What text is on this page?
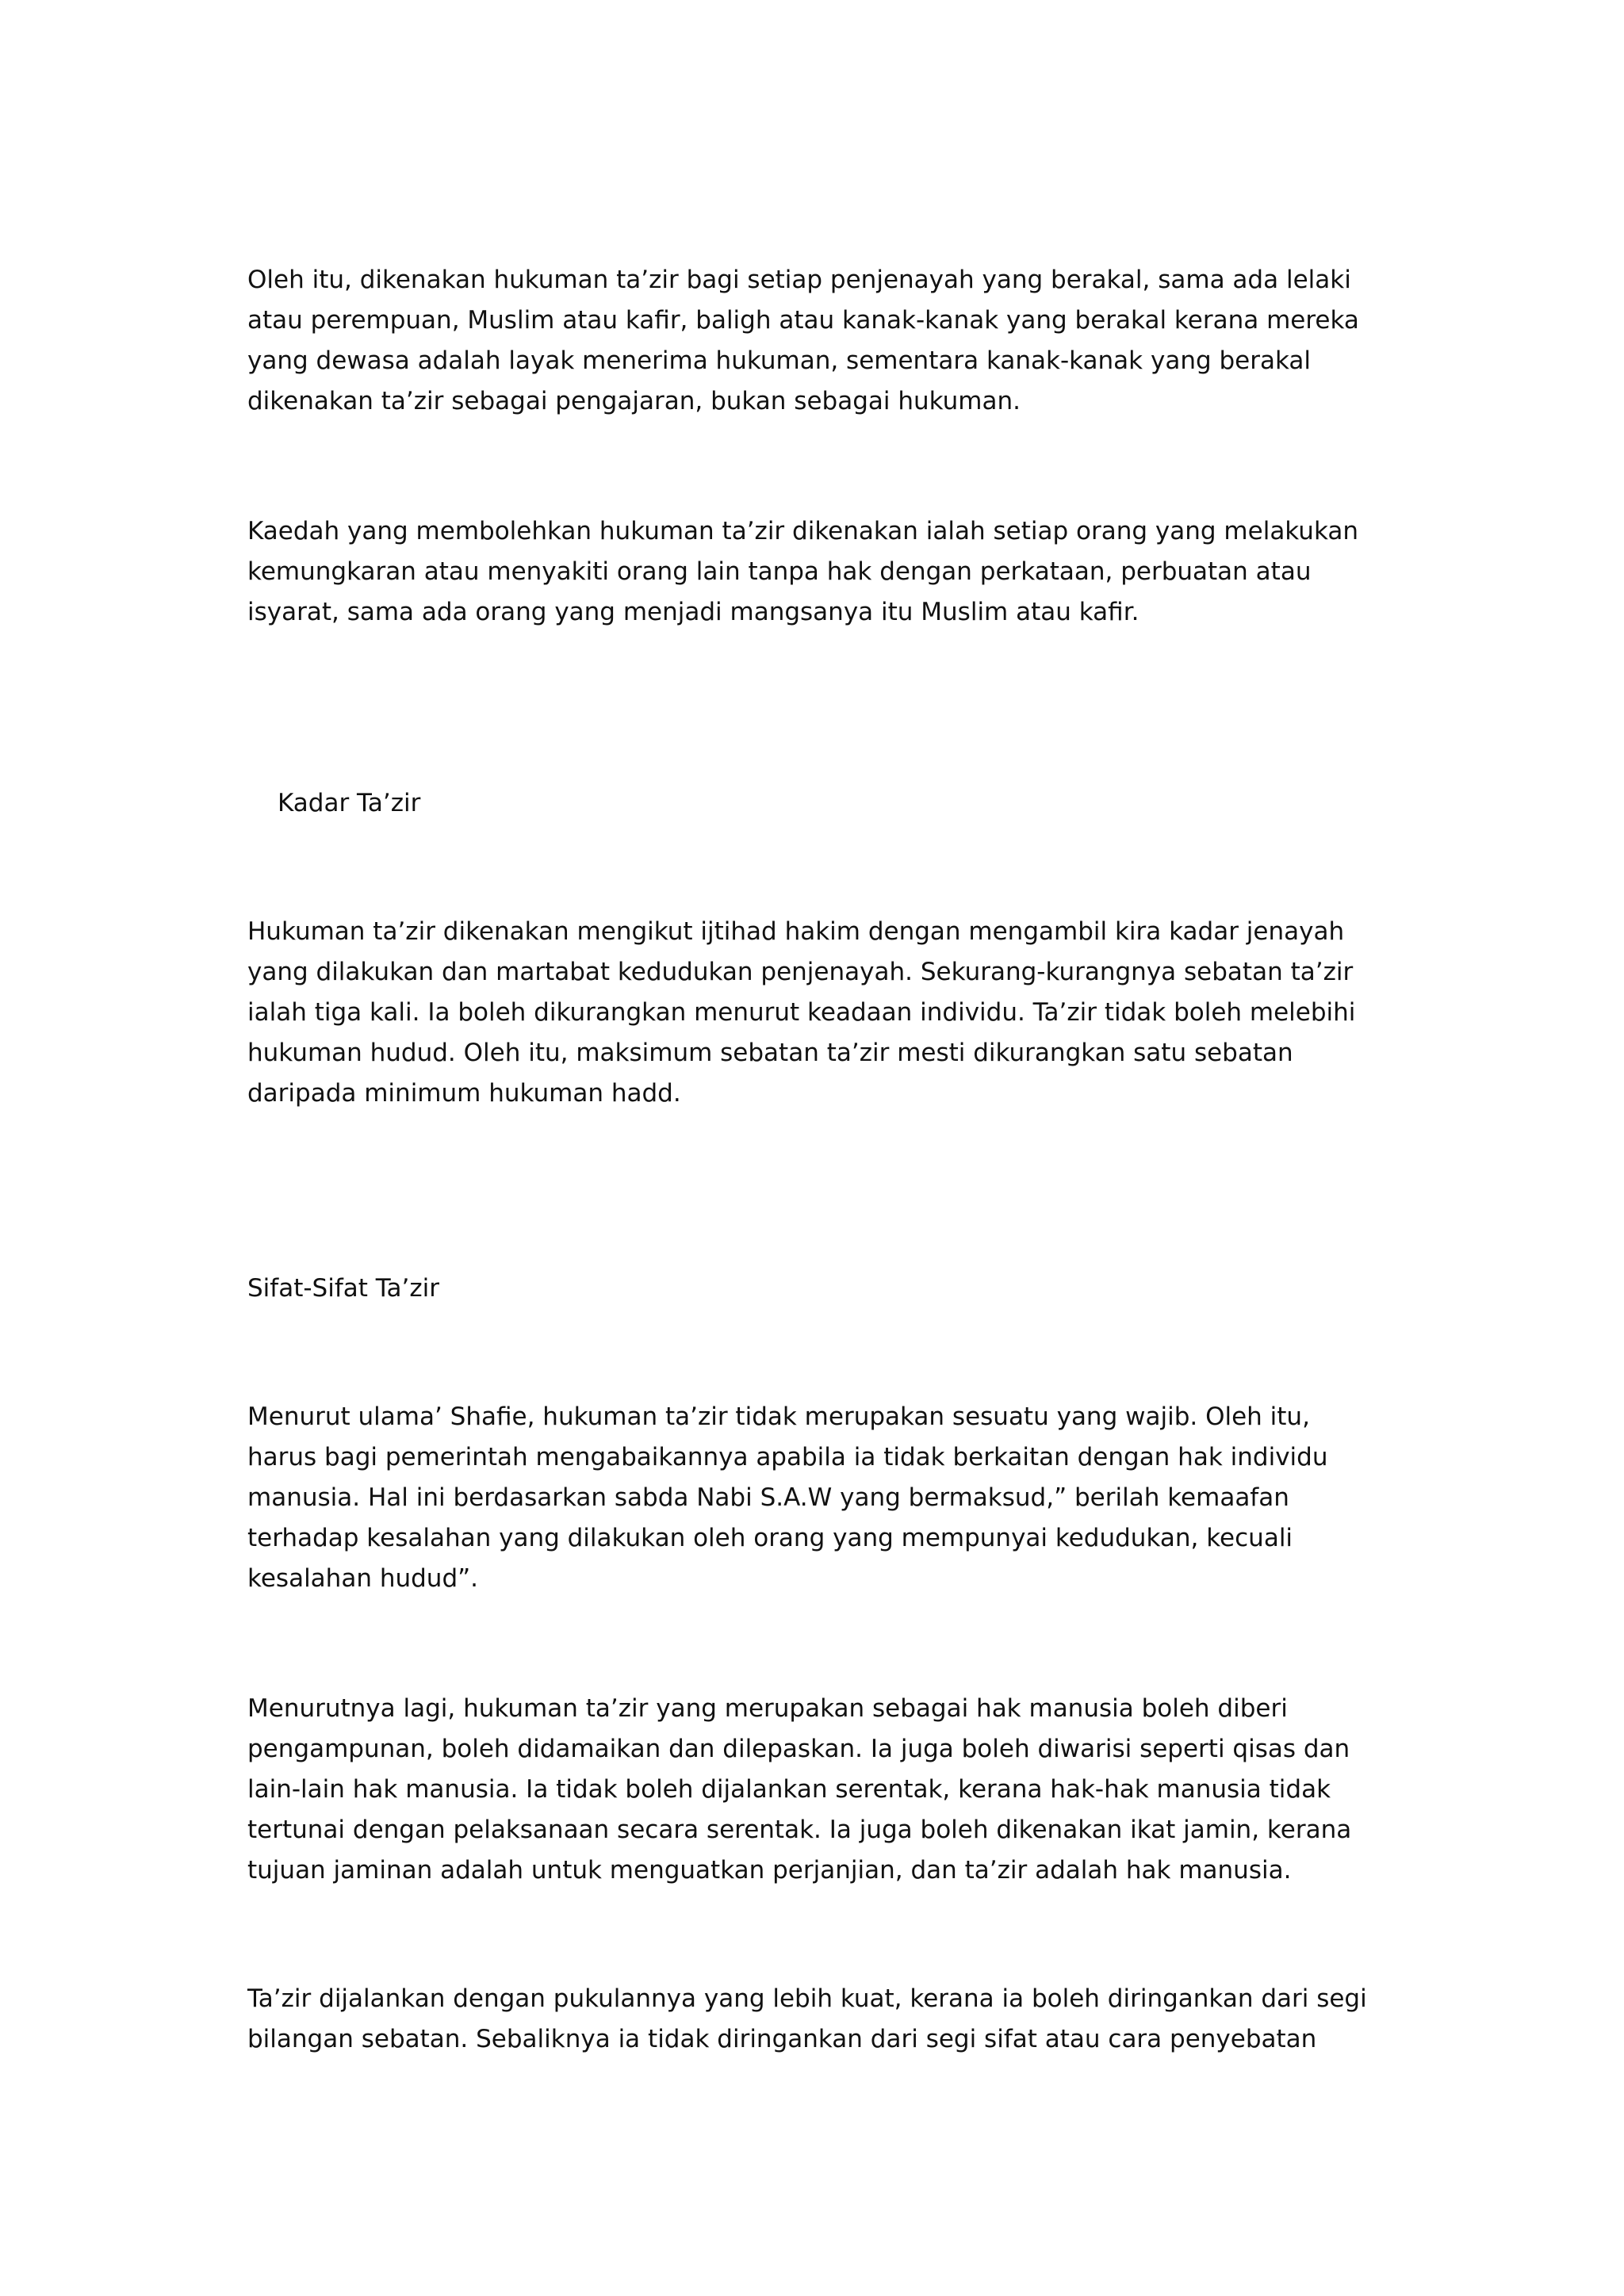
Oleh itu, dikenakan hukuman ta’zir bagi setiap penjenayah yang berakal, sama ada lelaki
atau perempuan, Muslim atau kafir, baligh atau kanak-kanak yang berakal kerana mereka
yang dewasa adalah layak menerima hukuman, sementara kanak-kanak yang berakal
dikenakan ta’zir sebagai pengajaran, bukan sebagai hukuman.
Kaedah yang membolehkan hukuman ta’zir dikenakan ialah setiap orang yang melakukan
kemungkaran atau menyakiti orang lain tanpa hak dengan perkataan, perbuatan atau
isyarat, sama ada orang yang menjadi mangsanya itu Muslim atau kafir.
Kadar Ta’zir
Hukuman ta’zir dikenakan mengikut ijtihad hakim dengan mengambil kira kadar jenayah
yang dilakukan dan martabat kedudukan penjenayah. Sekurang-kurangnya sebatan ta’zir
ialah tiga kali. Ia boleh dikurangkan menurut keadaan individu. Ta’zir tidak boleh melebihi
hukuman hudud. Oleh itu, maksimum sebatan ta’zir mesti dikurangkan satu sebatan
daripada minimum hukuman hadd.
Sifat-Sifat Ta’zir
Menurut ulama’ Shafie, hukuman ta’zir tidak merupakan sesuatu yang wajib. Oleh itu,
harus bagi pemerintah mengabaikannya apabila ia tidak berkaitan dengan hak individu
manusia. Hal ini berdasarkan sabda Nabi S.A.W yang bermaksud,” berilah kemaafan
terhadap kesalahan yang dilakukan oleh orang yang mempunyai kedudukan, kecuali
kesalahan hudud”.
Menurutnya lagi, hukuman ta’zir yang merupakan sebagai hak manusia boleh diberi
pengampunan, boleh didamaikan dan dilepaskan. Ia juga boleh diwarisi seperti qisas dan
lain-lain hak manusia. Ia tidak boleh dijalankan serentak, kerana hak-hak manusia tidak
tertunai dengan pelaksanaan secara serentak. Ia juga boleh dikenakan ikat jamin, kerana
tujuan jaminan adalah untuk menguatkan perjanjian, dan ta’zir adalah hak manusia.
Ta’zir dijalankan dengan pukulannya yang lebih kuat, kerana ia boleh diringankan dari segi
bilangan sebatan. Sebaliknya ia tidak diringankan dari segi sifat atau cara penyebatan
